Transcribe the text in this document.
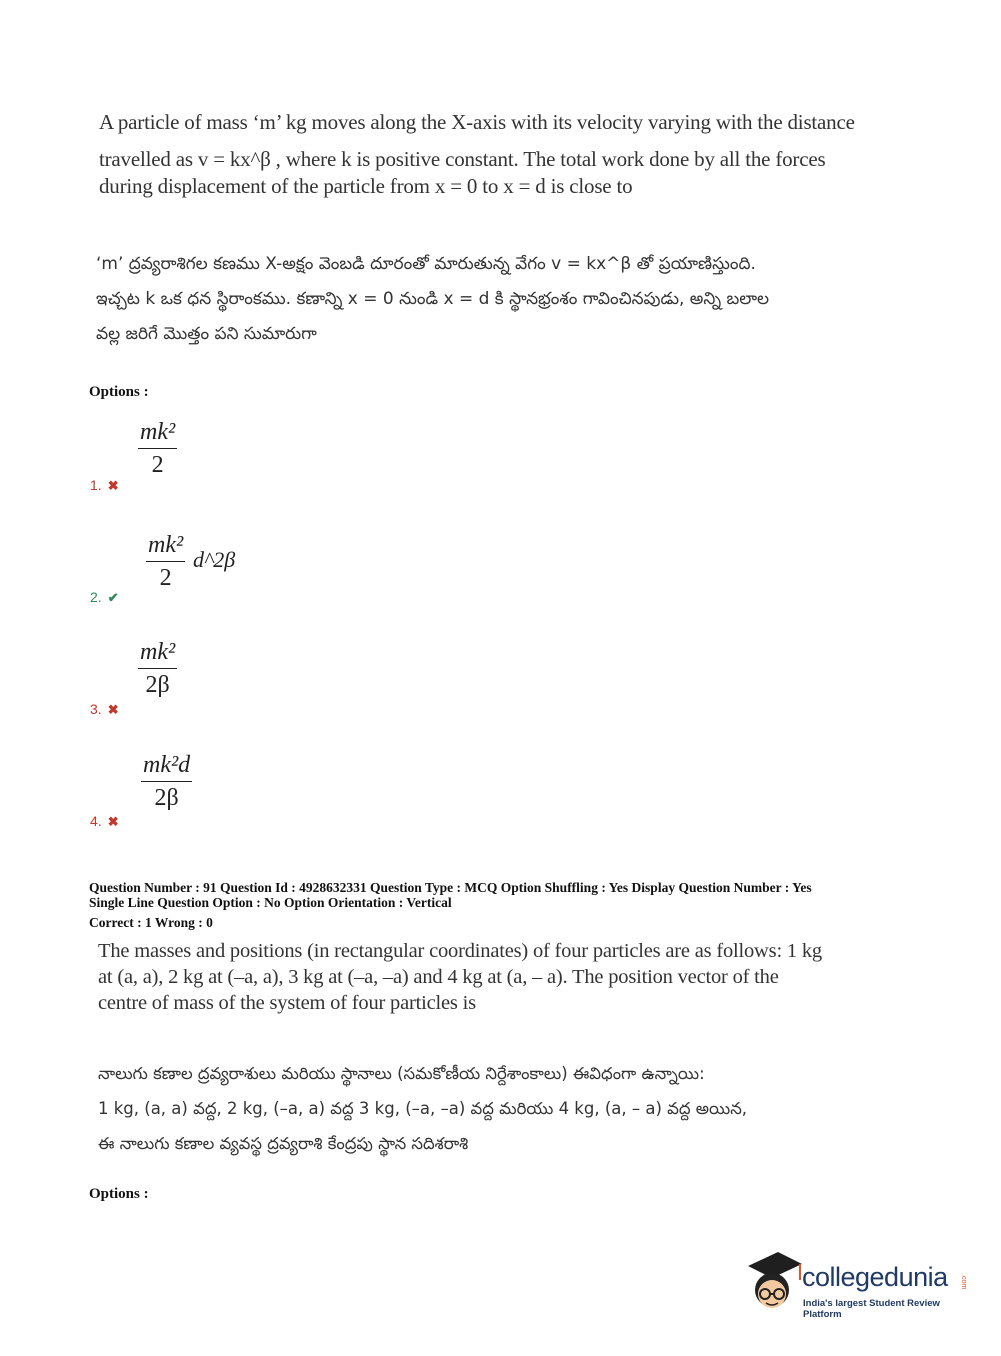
A particle of mass ‘m’ kg moves along the X-axis with its velocity varying with the distance
travelled as v = kx^β , where k is positive constant. The total work done by all the forces
during displacement of the particle from x = 0 to x = d is close to
‘m’ ద్రవ్యరాశిగల కణము X-అక్షం వెంబడి దూరంతో మారుతున్న వేగం v = kx^β తో ప్రయాణిస్తుంది.
ఇచ్చట k ఒక ధన స్థిరాంకము. కణాన్ని x = 0 నుండి x = d కి స్థానభ్రంశం గావించినపుడు, అన్ని బలాల
వల్ల జరిగే మొత్తం పని సుమారుగా
Options :
mk²
2
1. ✖
mk²
2
d^2β
2. ✔
mk²
2β
3. ✖
mk²d
2β
4. ✖
Question Number : 91 Question Id : 4928632331 Question Type : MCQ Option Shuffling : Yes Display Question Number : Yes
Single Line Question Option : No Option Orientation : Vertical
Correct : 1 Wrong : 0
The masses and positions (in rectangular coordinates) of four particles are as follows: 1 kg
at (a, a), 2 kg at (–a, a), 3 kg at (–a, –a) and 4 kg at (a, – a). The position vector of the
centre of mass of the system of four particles is
నాలుగు కణాల ద్రవ్యరాశులు మరియు స్థానాలు (సమకోణీయ నిర్దేశాంకాలు) ఈవిధంగా ఉన్నాయి:
1 kg, (a, a) వద్ద, 2 kg, (–a, a) వద్ద 3 kg, (–a, –a) వద్ద మరియు 4 kg, (a, – a) వద్ద అయిన,
ఈ నాలుగు కణాల వ్యవస్థ ద్రవ్యరాశి కేంద్రపు స్థాన సదిశరాశి
Options :
collegedunia .com
India's largest Student Review Platform
